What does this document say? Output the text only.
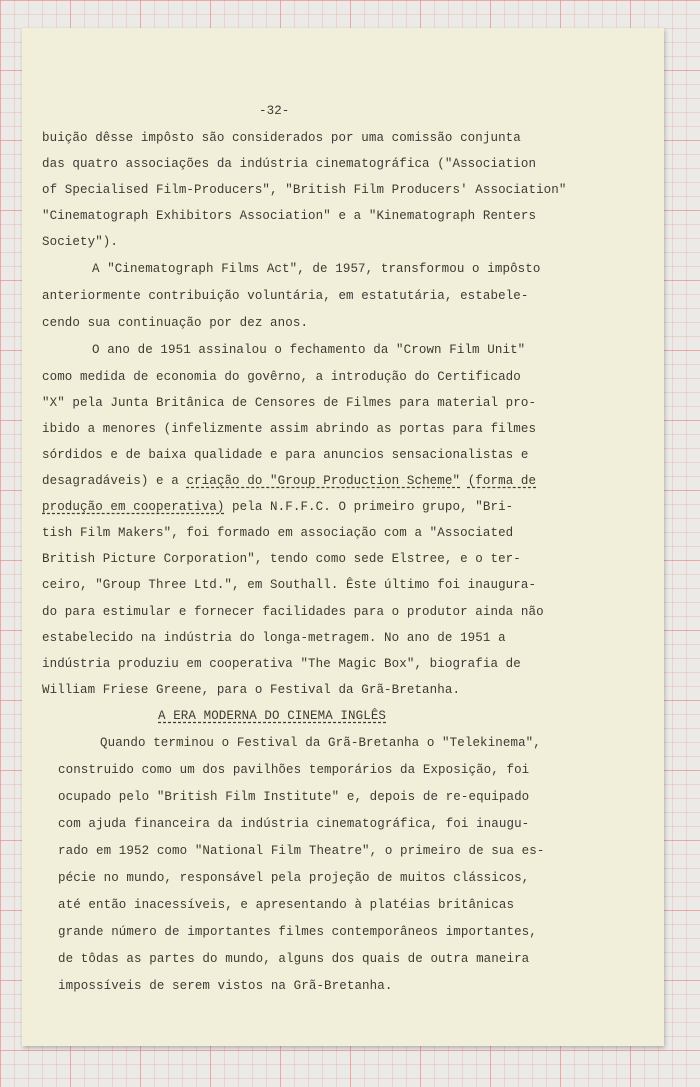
-32-

buição dêsse impôsto são considerados por uma comissão conjunta

das quatro associações da indústria cinematográfica ("Association

of Specialised Film-Producers", "British Film Producers' Association"

"Cinematograph Exhibitors Association" e a "Kinematograph Renters

Society").

A "Cinematograph Films Act", de 1957, transformou o impôsto

anteriormente contribuição voluntária, em estatutária, estabele-

cendo sua continuação por dez anos.

O ano de 1951 assinalou o fechamento da "Crown Film Unit"

como medida de economia do govêrno, a introdução do Certificado

"X" pela Junta Britânica de Censores de Filmes para material pro-

ibido a menores (infelizmente assim abrindo as portas para filmes

sórdidos e de baixa qualidade e para anuncios sensacionalistas e

desagradáveis) e a criação do "Group Production Scheme" (forma de

produção em cooperativa) pela N.F.F.C. O primeiro grupo, "Bri-

tish Film Makers", foi formado em associação com a "Associated

British Picture Corporation", tendo como sede Elstree, e o ter-

ceiro, "Group Three Ltd.", em Southall. Êste último foi inaugura-

do para estimular e fornecer facilidades para o produtor ainda não

estabelecido na indústria do longa-metragem. No ano de 1951 a

indústria produziu em cooperativa "The Magic Box", biografia de

William Friese Greene, para o Festival da Grã-Bretanha.

A ERA MODERNA DO CINEMA INGLÊS

Quando terminou o Festival da Grã-Bretanha o "Telekinema",

construido como um dos pavilhões temporários da Exposição, foi

ocupado pelo "British Film Institute" e, depois de re-equipado

com ajuda financeira da indústria cinematográfica, foi inaugu-

rado em 1952 como "National Film Theatre", o primeiro de sua es-

pécie no mundo, responsável pela projeção de muitos clássicos,

até então inacessíveis, e apresentando à platéias britânicas

grande número de importantes filmes contemporâneos importantes,

de tôdas as partes do mundo, alguns dos quais de outra maneira

impossíveis de serem vistos na Grã-Bretanha.
